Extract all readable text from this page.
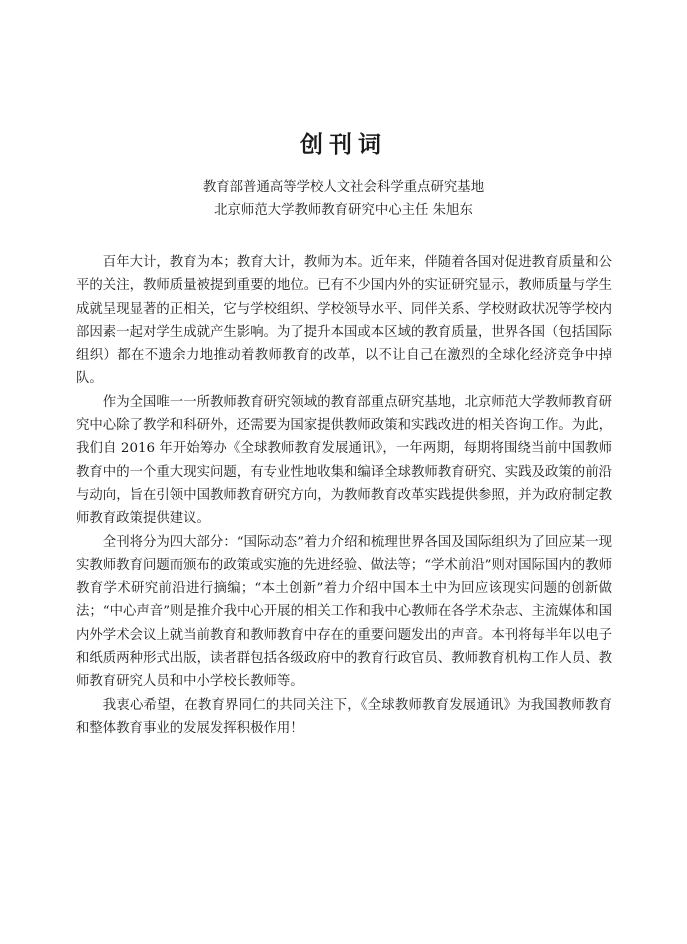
创刊词
教育部普通高等学校人文社会科学重点研究基地
北京师范大学教师教育研究中心主任 朱旭东

百年大计，教育为本；教育大计，教师为本。近年来，伴随着各国对促进教育质量和公平的关注，教师质量被提到重要的地位。已有不少国内外的实证研究显示，教师质量与学生成就呈现显著的正相关，它与学校组织、学校领导水平、同伴关系、学校财政状况等学校内部因素一起对学生成就产生影响。为了提升本国或本区域的教育质量，世界各国（包括国际组织）都在不遗余力地推动着教师教育的改革，以不让自己在激烈的全球化经济竞争中掉队。

作为全国唯一一所教师教育研究领域的教育部重点研究基地，北京师范大学教师教育研究中心除了教学和科研外，还需要为国家提供教师政策和实践改进的相关咨询工作。为此，我们自 2016 年开始筹办《全球教师教育发展通讯》，一年两期，每期将围绕当前中国教师教育中的一个重大现实问题，有专业性地收集和编译全球教师教育研究、实践及政策的前沿与动向，旨在引领中国教师教育研究方向，为教师教育改革实践提供参照，并为政府制定教师教育政策提供建议。

全刊将分为四大部分：“国际动态”着力介绍和梳理世界各国及国际组织为了回应某一现实教师教育问题而颁布的政策或实施的先进经验、做法等；“学术前沿”则对国际国内的教师教育学术研究前沿进行摘编；“本土创新”着力介绍中国本土中为回应该现实问题的创新做法；“中心声音”则是推介我中心开展的相关工作和我中心教师在各学术杂志、主流媒体和国内外学术会议上就当前教育和教师教育中存在的重要问题发出的声音。本刊将每半年以电子和纸质两种形式出版，读者群包括各级政府中的教育行政官员、教师教育机构工作人员、教师教育研究人员和中小学校长教师等。

我衷心希望，在教育界同仁的共同关注下，《全球教师教育发展通讯》为我国教师教育和整体教育事业的发展发挥积极作用！
